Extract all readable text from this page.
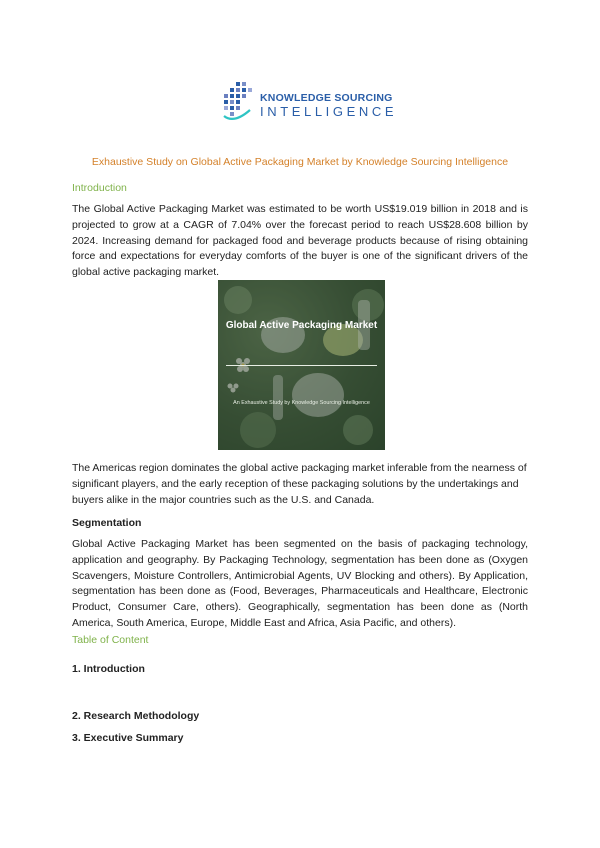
KNOWLEDGE SOURCING
INTELLIGENCE
Exhaustive Study on Global Active Packaging Market by Knowledge Sourcing Intelligence
Introduction
The Global Active Packaging Market was estimated to be worth US$19.019 billion in 2018 and is projected to grow at a CAGR of 7.04% over the forecast period to reach US$28.608 billion by 2024. Increasing demand for packaged food and beverage products because of rising obtaining force and expectations for everyday comforts of the buyer is one of the significant drivers of the global active packaging market.
Global Active Packaging Market
An Exhaustive Study by Knowledge Sourcing Intelligence
The Americas region dominates the global active packaging market inferable from the nearness of significant players, and the early reception of these packaging solutions by the undertakings and buyers alike in the major countries such as the U.S. and Canada.
Segmentation
Global Active Packaging Market has been segmented on the basis of packaging technology, application and geography. By Packaging Technology, segmentation has been done as (Oxygen Scavengers, Moisture Controllers, Antimicrobial Agents, UV Blocking and others). By Application, segmentation has been done as (Food, Beverages, Pharmaceuticals and Healthcare, Electronic Product, Consumer Care, others). Geographically, segmentation has been done as (North America, South America, Europe, Middle East and Africa, Asia Pacific, and others).
Table of Content
1. Introduction
2. Research Methodology
3. Executive Summary
